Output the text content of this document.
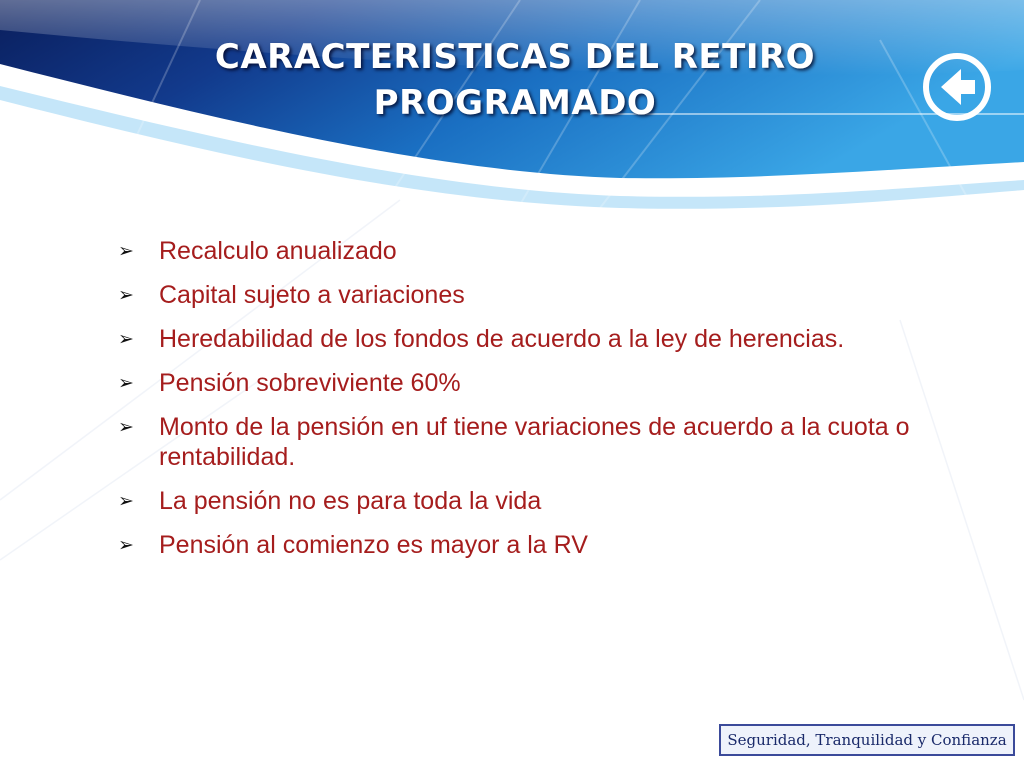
CARACTERISTICAS DEL RETIRO
PROGRAMADO
➢	Recalculo anualizado
➢	Capital sujeto a variaciones
➢	Heredabilidad de los fondos de acuerdo a la ley de herencias.
➢	Pensión sobreviviente 60%
➢	Monto de la pensión en uf tiene variaciones de acuerdo a la cuota o rentabilidad.
➢	La pensión no es para toda la vida
➢	Pensión al comienzo es mayor a la RV
Seguridad, Tranquilidad y Confianza
